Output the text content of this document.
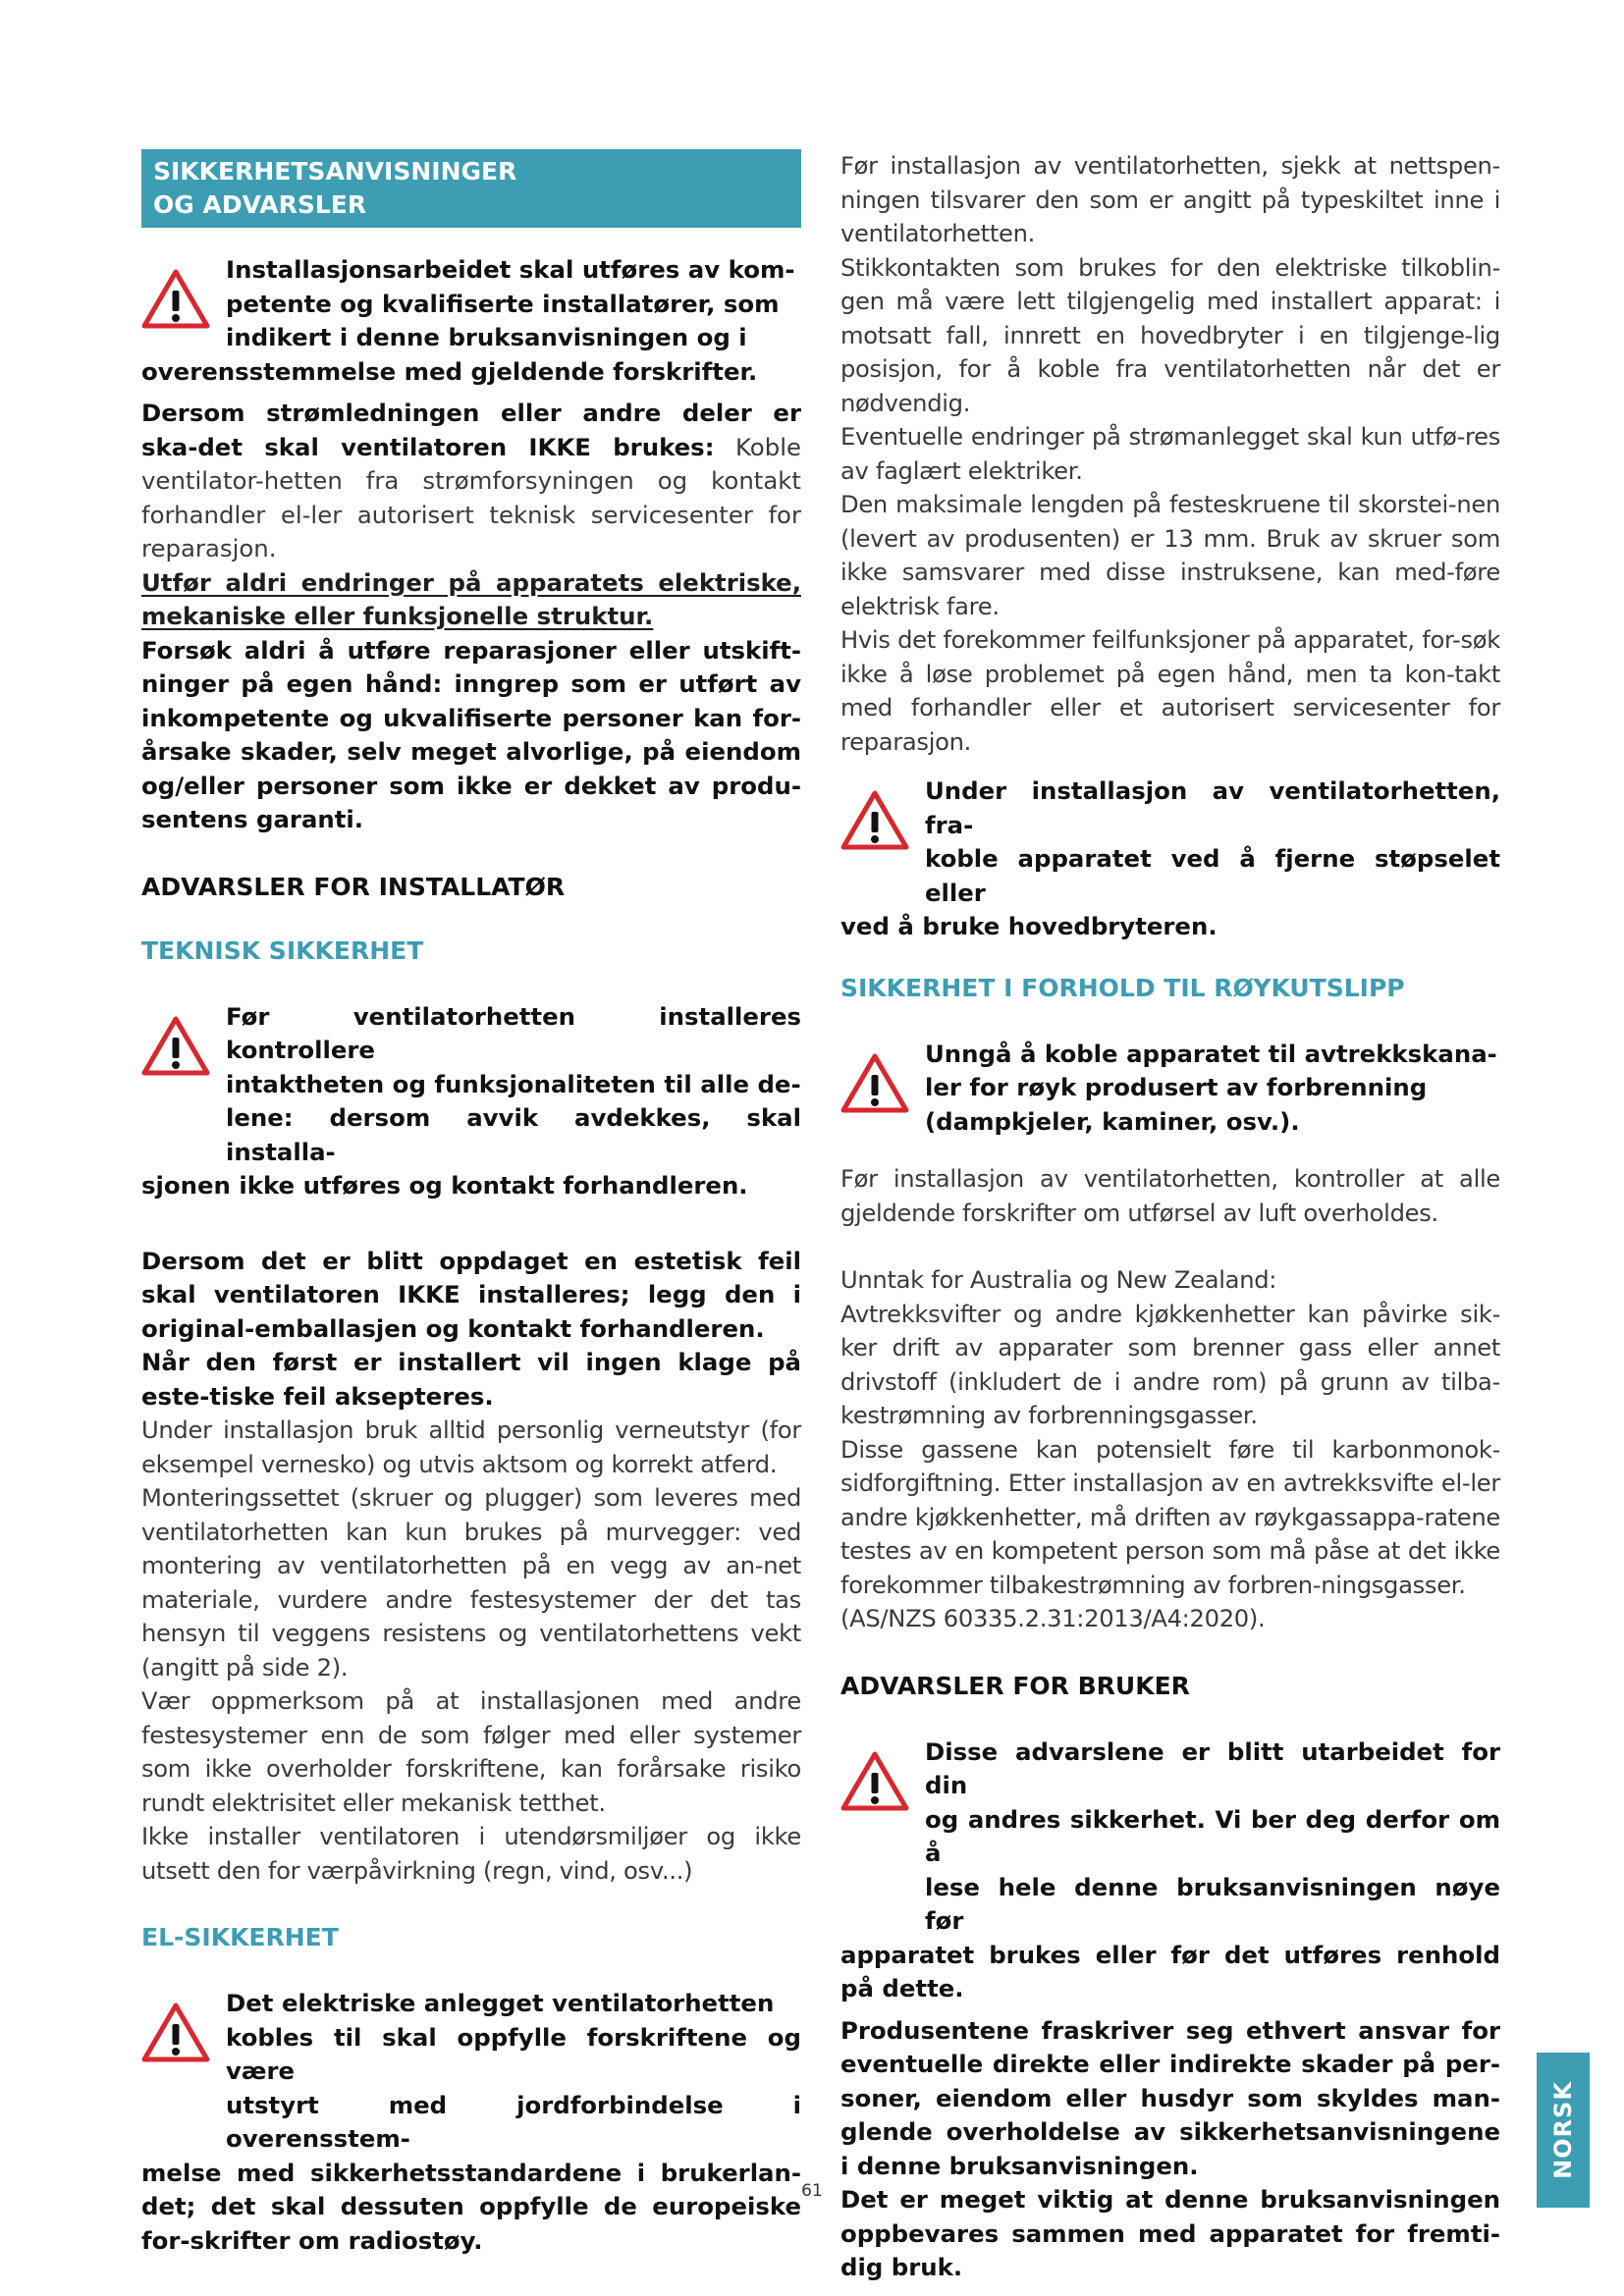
SIKKERHETSANVISNINGER
OG ADVARSLER

Installasjonsarbeidet skal utføres av kom-

petente og kvalifiserte installatører, som

indikert i denne bruksanvisningen og i

overensstemmelse med gjeldende forskrifter.

Dersom strømledningen eller andre deler er ska-det skal ventilatoren IKKE brukes: Koble ventilator-hetten fra strømforsyningen og kontakt forhandler el-ler autorisert teknisk servicesenter for reparasjon.

Utfør aldri endringer på apparatets elektriske, mekaniske eller funksjonelle struktur.

Forsøk aldri å utføre reparasjoner eller utskift-ninger på egen hånd: inngrep som er utført av inkompetente og ukvalifiserte personer kan for-årsake skader, selv meget alvorlige, på eiendom og/eller personer som ikke er dekket av produ-sentens garanti.

ADVARSLER FOR INSTALLATØR
TEKNISK SIKKERHET

Før ventilatorhetten installeres kontrollere

intaktheten og funksjonaliteten til alle de-

lene: dersom avvik avdekkes, skal installa-

sjonen ikke utføres og kontakt forhandleren.

Dersom det er blitt oppdaget en estetisk feil skal ventilatoren IKKE installeres; legg den i original-emballasjen og kontakt forhandleren.

Når den først er installert vil ingen klage på este-tiske feil aksepteres.

Under installasjon bruk alltid personlig verneutstyr (for eksempel vernesko) og utvis aktsom og korrekt atferd.

Monteringssettet (skruer og plugger) som leveres med ventilatorhetten kan kun brukes på murvegger: ved montering av ventilatorhetten på en vegg av an-net materiale, vurdere andre festesystemer der det tas hensyn til veggens resistens og ventilatorhettens vekt (angitt på side 2).

Vær oppmerksom på at installasjonen med andre festesystemer enn de som følger med eller systemer som ikke overholder forskriftene, kan forårsake risiko rundt elektrisitet eller mekanisk tetthet.

Ikke installer ventilatoren i utendørsmiljøer og ikke utsett den for værpåvirkning (regn, vind, osv...)

EL-SIKKERHET

Det elektriske anlegget ventilatorhetten

kobles til skal oppfylle forskriftene og være

utstyrt med jordforbindelse i overensstem-

melse med sikkerhetsstandardene i brukerlan-det; det skal dessuten oppfylle de europeiske for-skrifter om radiostøy.

Før installasjon av ventilatorhetten, sjekk at nettspen-ningen tilsvarer den som er angitt på typeskiltet inne i ventilatorhetten.

Stikkontakten som brukes for den elektriske tilkoblin-gen må være lett tilgjengelig med installert apparat: i motsatt fall, innrett en hovedbryter i en tilgjenge-lig posisjon, for å koble fra ventilatorhetten når det er nødvendig.

Eventuelle endringer på strømanlegget skal kun utfø-res av faglært elektriker.

Den maksimale lengden på festeskruene til skorstei-nen (levert av produsenten) er 13 mm. Bruk av skruer som ikke samsvarer med disse instruksene, kan med-føre elektrisk fare.

Hvis det forekommer feilfunksjoner på apparatet, for-søk ikke å løse problemet på egen hånd, men ta kon-takt med forhandler eller et autorisert servicesenter for reparasjon.

Under installasjon av ventilatorhetten, fra-

koble apparatet ved å fjerne støpselet eller

ved å bruke hovedbryteren.

SIKKERHET I FORHOLD TIL RØYKUTSLIPP

Unngå å koble apparatet til avtrekkskana-

ler for røyk produsert av forbrenning

(dampkjeler, kaminer, osv.).

Før installasjon av ventilatorhetten, kontroller at alle gjeldende forskrifter om utførsel av luft overholdes.

Unntak for Australia og New Zealand:

Avtrekksvifter og andre kjøkkenhetter kan påvirke sik-ker drift av apparater som brenner gass eller annet drivstoff (inkludert de i andre rom) på grunn av tilba-kestrømning av forbrenningsgasser.

Disse gassene kan potensielt føre til karbonmonok-sidforgiftning. Etter installasjon av en avtrekksvifte el-ler andre kjøkkenhetter, må driften av røykgassappa-ratene testes av en kompetent person som må påse at det ikke forekommer tilbakestrømning av forbren-ningsgasser.

(AS/NZS 60335.2.31:2013/A4:2020).

ADVARSLER FOR BRUKER

Disse advarslene er blitt utarbeidet for din

og andres sikkerhet. Vi ber deg derfor om å

lese hele denne bruksanvisningen nøye før

apparatet brukes eller før det utføres renhold på dette.

Produsentene fraskriver seg ethvert ansvar for eventuelle direkte eller indirekte skader på per-soner, eiendom eller husdyr som skyldes man-glende overholdelse av sikkerhetsanvisningene i denne bruksanvisningen.

Det er meget viktig at denne bruksanvisningen oppbevares sammen med apparatet for fremti-dig bruk.

61
NORSK
